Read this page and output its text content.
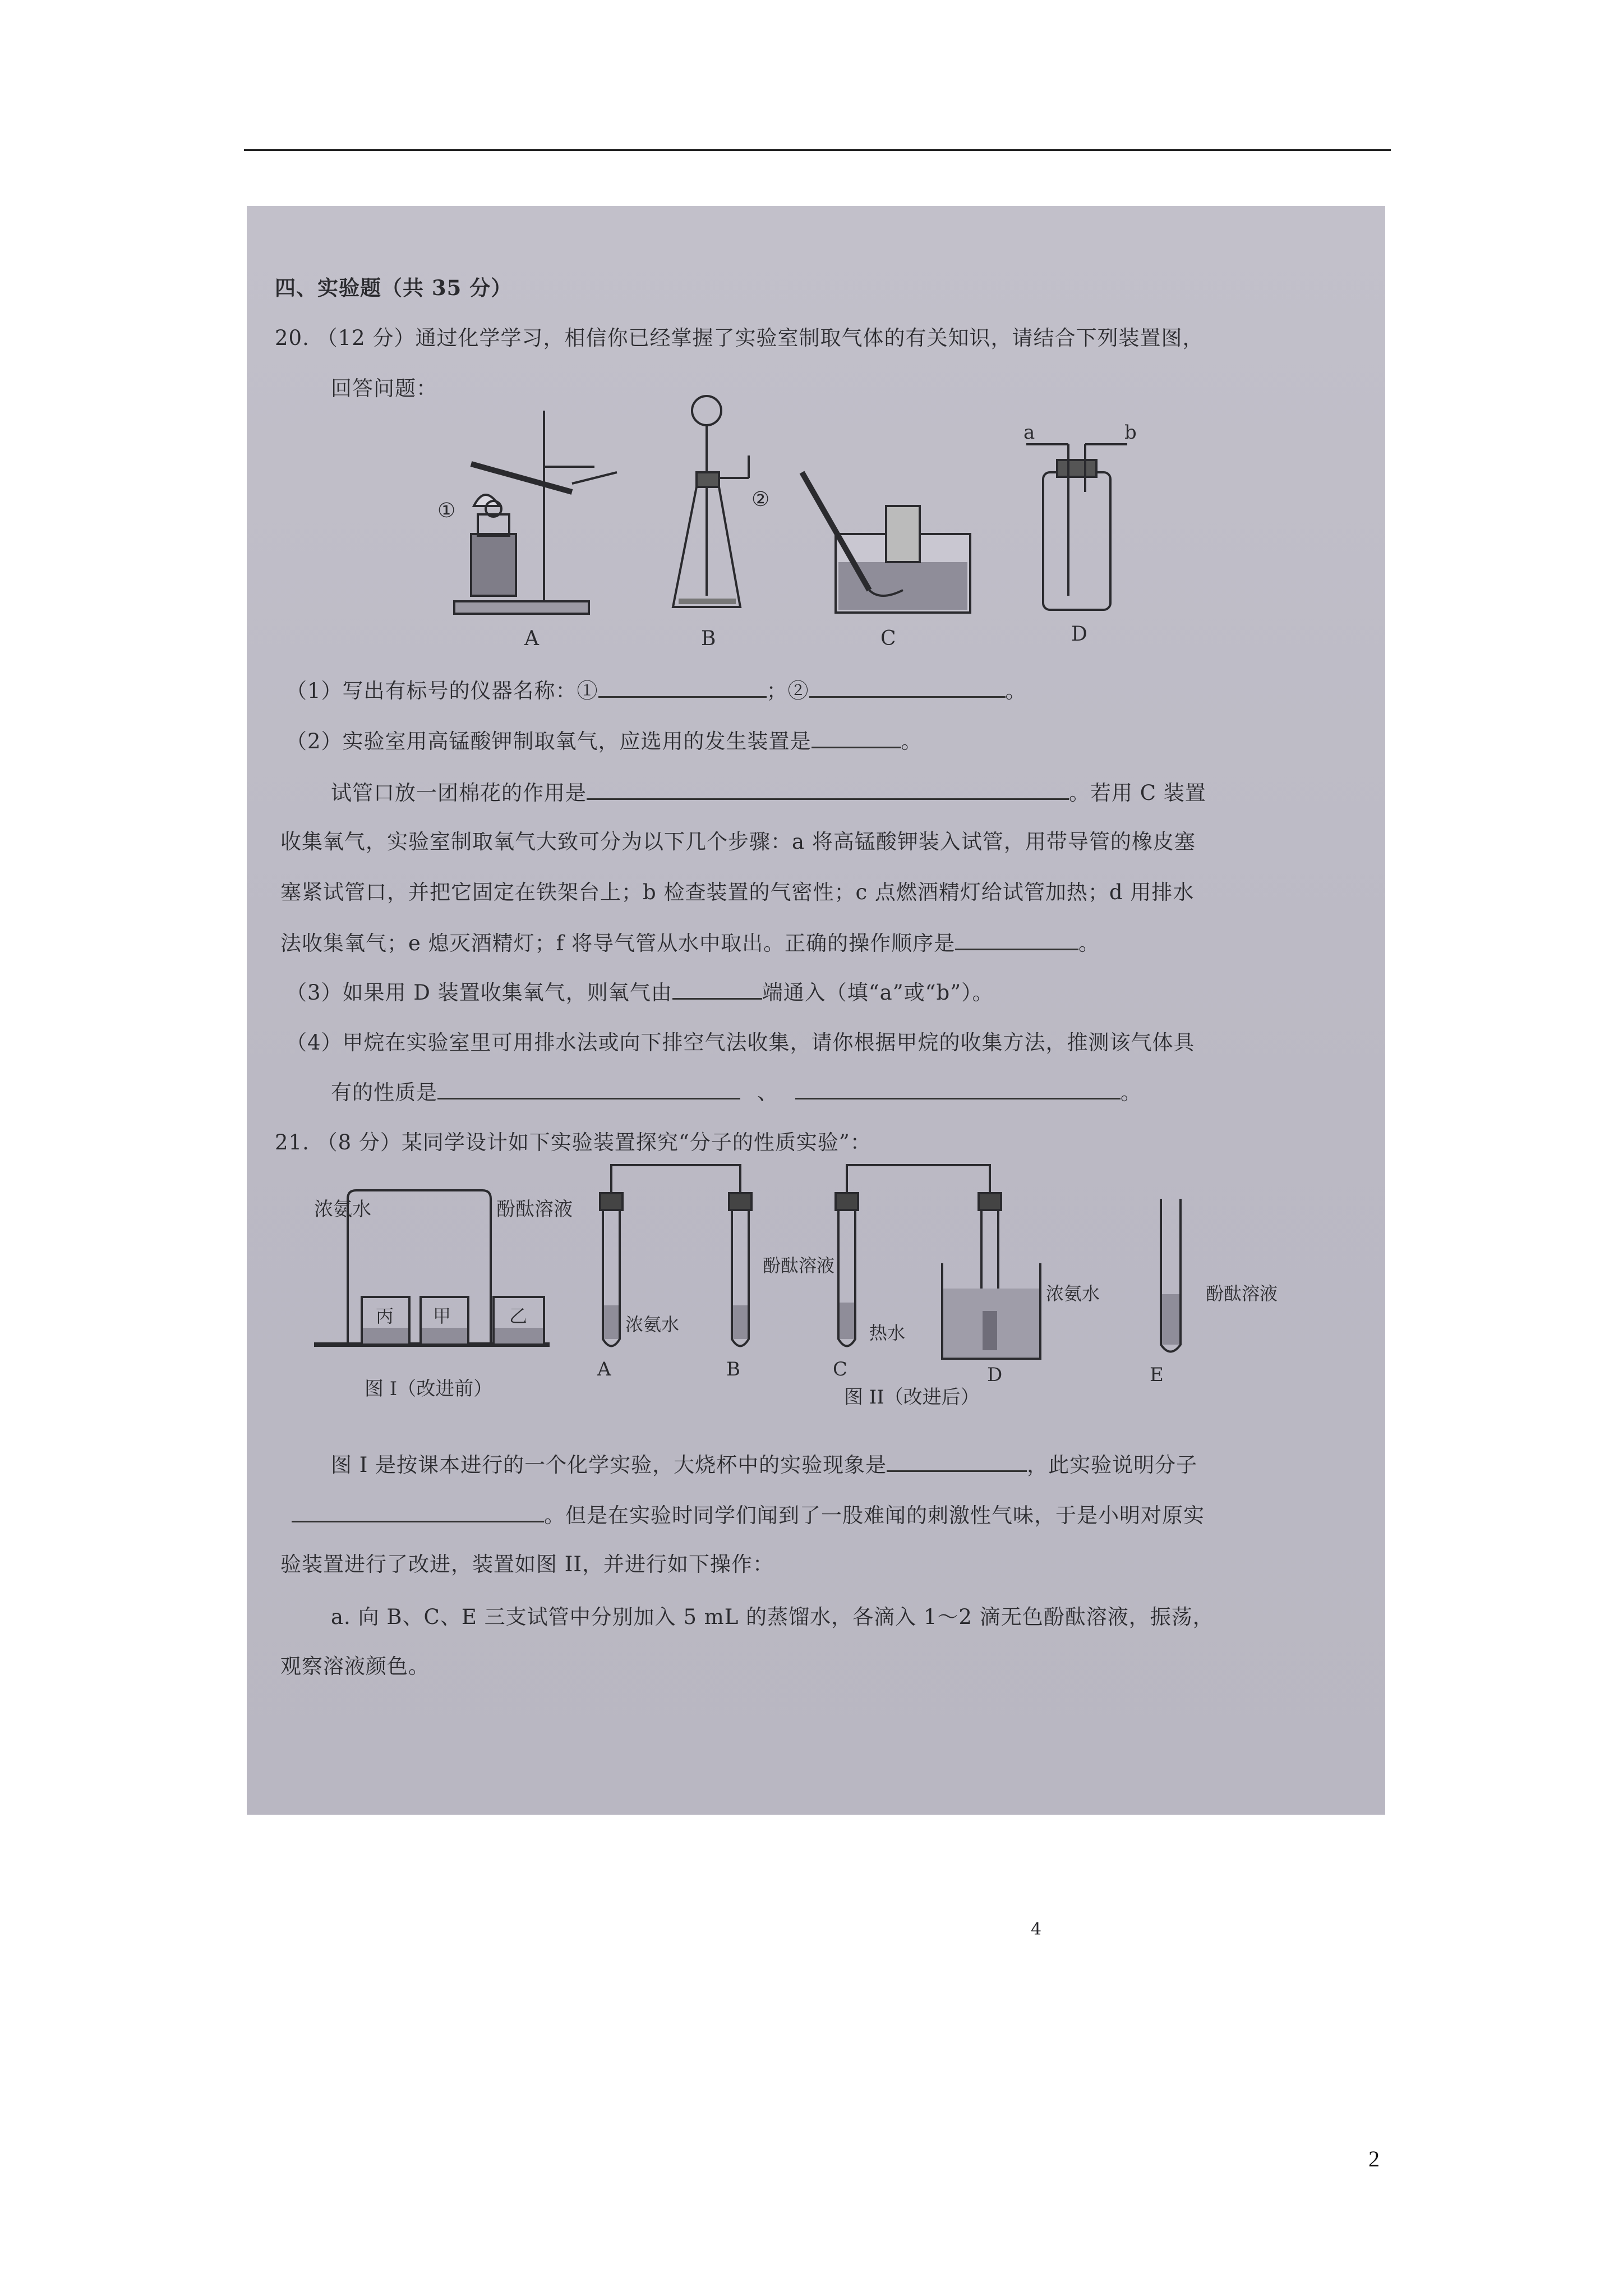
四、实验题（共 35 分）
20. （12 分）通过化学学习，相信你已经掌握了实验室制取气体的有关知识，请结合下列装置图，
回答问题：
A	B	C	D
①	②
a	b
（1）写出有标号的仪器名称：①	；②	。
（2）实验室用高锰酸钾制取氧气，应选用的发生装置是	。
试管口放一团棉花的作用是	。若用 C 装置
收集氧气，实验室制取氧气大致可分为以下几个步骤：a 将高锰酸钾装入试管，用带导管的橡皮塞
塞紧试管口，并把它固定在铁架台上；b 检查装置的气密性；c 点燃酒精灯给试管加热；d 用排水
法收集氧气；e 熄灭酒精灯；f 将导气管从水中取出。正确的操作顺序是	。
（3）如果用 D 装置收集氧气，则氧气由	端通入（填“a”或“b”）。
（4）甲烷在实验室里可用排水法或向下排空气法收集，请你根据甲烷的收集方法，推测该气体具
有的性质是	、	。
21. （8 分）某同学设计如下实验装置探究“分子的性质实验”：
浓氨水	酚酞溶液
丙 甲	乙
图 I（改进前）
浓氨水
酚酞溶液
热水
浓氨水	酚酞溶液
A	B	C	D	E
图 II（改进后）
图 I 是按课本进行的一个化学实验，大烧杯中的实验现象是	，此实验说明分子
。但是在实验时同学们闻到了一股难闻的刺激性气味，于是小明对原实
验装置进行了改进，装置如图 II，并进行如下操作：
a. 向 B、C、E 三支试管中分别加入 5 mL 的蒸馏水，各滴入 1～2 滴无色酚酞溶液，振荡，
观察溶液颜色。
4
2
